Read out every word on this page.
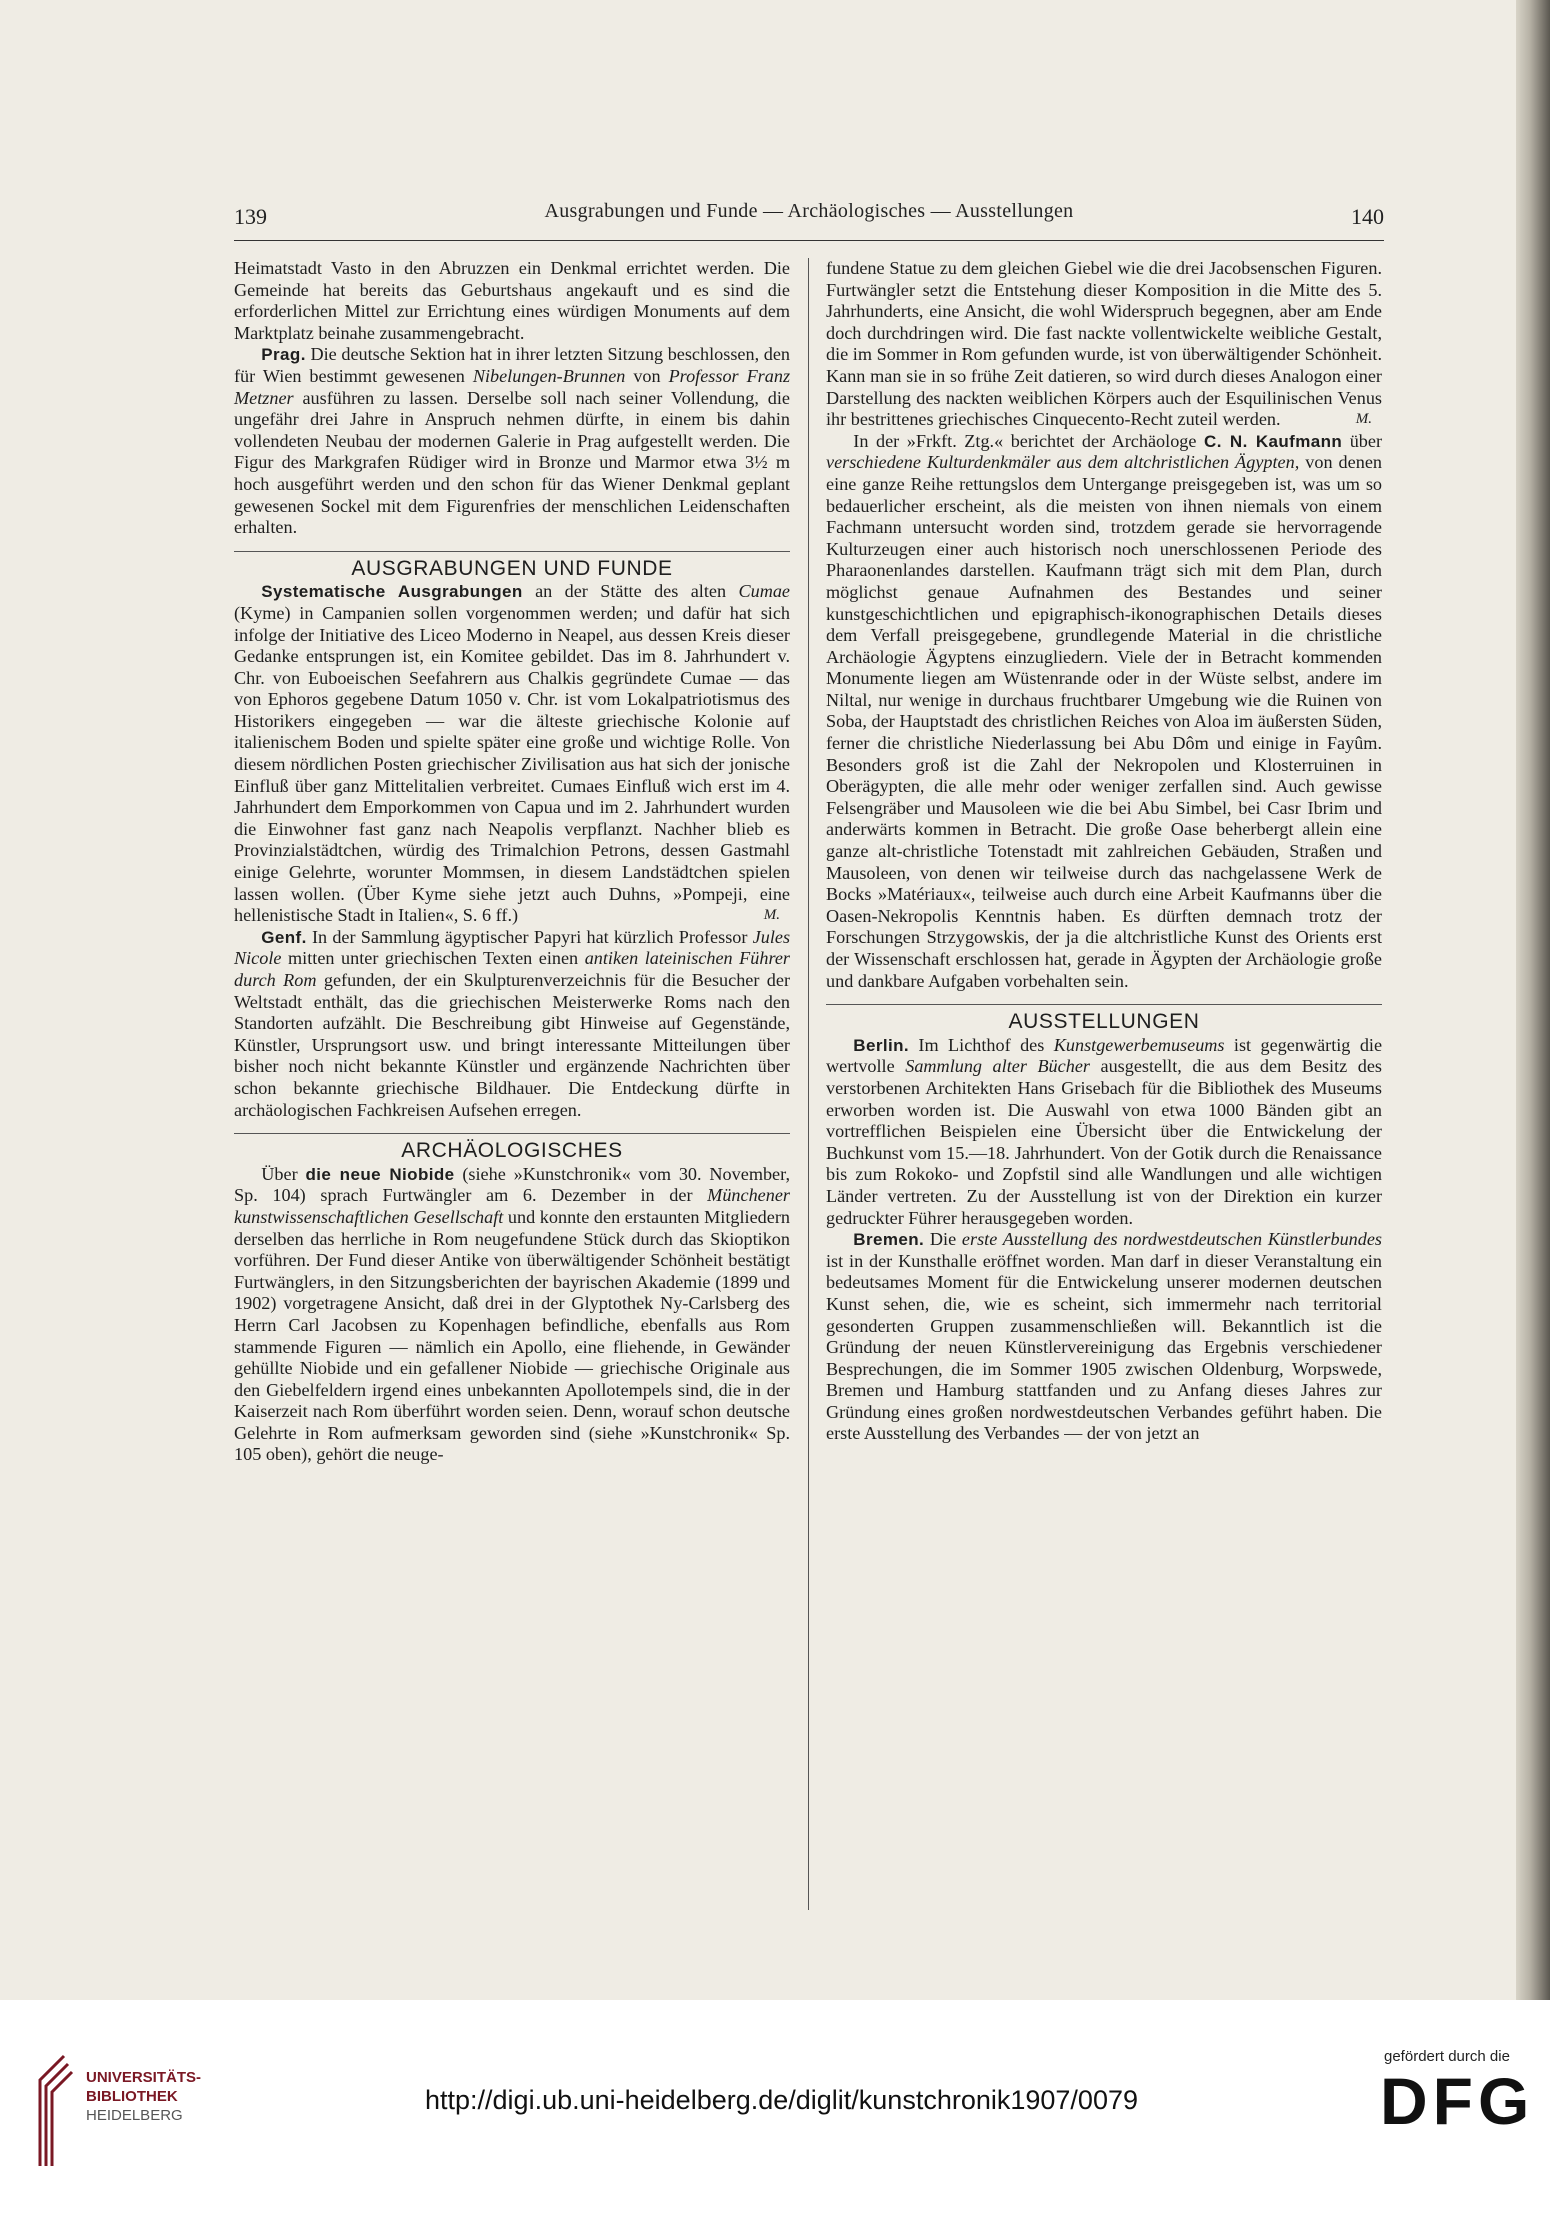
139	Ausgrabungen und Funde — Archäologisches — Ausstellungen	140

Heimatstadt Vasto in den Abruzzen ein Denkmal errichtet werden. Die Gemeinde hat bereits das Geburtshaus angekauft und es sind die erforderlichen Mittel zur Errichtung eines würdigen Monuments auf dem Marktplatz beinahe zusammengebracht.

Prag. Die deutsche Sektion hat in ihrer letzten Sitzung beschlossen, den für Wien bestimmt gewesenen Nibelungen-Brunnen von Professor Franz Metzner ausführen zu lassen. Derselbe soll nach seiner Vollendung, die ungefähr drei Jahre in Anspruch nehmen dürfte, in einem bis dahin vollendeten Neubau der modernen Galerie in Prag aufgestellt werden. Die Figur des Markgrafen Rüdiger wird in Bronze und Marmor etwa 3½ m hoch ausgeführt werden und den schon für das Wiener Denkmal geplant gewesenen Sockel mit dem Figurenfries der menschlichen Leidenschaften erhalten.

AUSGRABUNGEN UND FUNDE

Systematische Ausgrabungen an der Stätte des alten Cumae (Kyme) in Campanien sollen vorgenommen werden; und dafür hat sich infolge der Initiative des Liceo Moderno in Neapel, aus dessen Kreis dieser Gedanke entsprungen ist, ein Komitee gebildet. Das im 8. Jahrhundert v. Chr. von Euboeischen Seefahrern aus Chalkis gegründete Cumae — das von Ephoros gegebene Datum 1050 v. Chr. ist vom Lokalpatriotismus des Historikers eingegeben — war die älteste griechische Kolonie auf italienischem Boden und spielte später eine große und wichtige Rolle. Von diesem nördlichen Posten griechischer Zivilisation aus hat sich der jonische Einfluß über ganz Mittelitalien verbreitet. Cumaes Einfluß wich erst im 4. Jahrhundert dem Emporkommen von Capua und im 2. Jahrhundert wurden die Einwohner fast ganz nach Neapolis verpflanzt. Nachher blieb es Provinzialstädtchen, würdig des Trimalchion Petrons, dessen Gastmahl einige Gelehrte, worunter Mommsen, in diesem Landstädtchen spielen lassen wollen. (Über Kyme siehe jetzt auch Duhns, »Pompeji, eine hellenistische Stadt in Italien«, S. 6 ff.)	M.

Genf. In der Sammlung ägyptischer Papyri hat kürzlich Professor Jules Nicole mitten unter griechischen Texten einen antiken lateinischen Führer durch Rom gefunden, der ein Skulpturenverzeichnis für die Besucher der Weltstadt enthält, das die griechischen Meisterwerke Roms nach den Standorten aufzählt. Die Beschreibung gibt Hinweise auf Gegenstände, Künstler, Ursprungsort usw. und bringt interessante Mitteilungen über bisher noch nicht bekannte Künstler und ergänzende Nachrichten über schon bekannte griechische Bildhauer. Die Entdeckung dürfte in archäologischen Fachkreisen Aufsehen erregen.

ARCHÄOLOGISCHES

Über die neue Niobide (siehe »Kunstchronik« vom 30. November, Sp. 104) sprach Furtwängler am 6. Dezember in der Münchener kunstwissenschaftlichen Gesellschaft und konnte den erstaunten Mitgliedern derselben das herrliche in Rom neugefundene Stück durch das Skioptikon vorführen. Der Fund dieser Antike von überwältigender Schönheit bestätigt Furtwänglers, in den Sitzungsberichten der bayrischen Akademie (1899 und 1902) vorgetragene Ansicht, daß drei in der Glyptothek Ny-Carlsberg des Herrn Carl Jacobsen zu Kopenhagen befindliche, ebenfalls aus Rom stammende Figuren — nämlich ein Apollo, eine fliehende, in Gewänder gehüllte Niobide und ein gefallener Niobide — griechische Originale aus den Giebelfeldern irgend eines unbekannten Apollotempels sind, die in der Kaiserzeit nach Rom überführt worden seien. Denn, worauf schon deutsche Gelehrte in Rom aufmerksam geworden sind (siehe »Kunstchronik« Sp. 105 oben), gehört die neuge-

fundene Statue zu dem gleichen Giebel wie die drei Jacobsenschen Figuren. Furtwängler setzt die Entstehung dieser Komposition in die Mitte des 5. Jahrhunderts, eine Ansicht, die wohl Widerspruch begegnen, aber am Ende doch durchdringen wird. Die fast nackte vollentwickelte weibliche Gestalt, die im Sommer in Rom gefunden wurde, ist von überwältigender Schönheit. Kann man sie in so frühe Zeit datieren, so wird durch dieses Analogon einer Darstellung des nackten weiblichen Körpers auch der Esquilinischen Venus ihr bestrittenes griechisches Cinquecento-Recht zuteil werden.	M.

In der »Frkft. Ztg.« berichtet der Archäologe C. N. Kaufmann über verschiedene Kulturdenkmäler aus dem altchristlichen Ägypten, von denen eine ganze Reihe rettungslos dem Untergange preisgegeben ist, was um so bedauerlicher erscheint, als die meisten von ihnen niemals von einem Fachmann untersucht worden sind, trotzdem gerade sie hervorragende Kulturzeugen einer auch historisch noch unerschlossenen Periode des Pharaonenlandes darstellen. Kaufmann trägt sich mit dem Plan, durch möglichst genaue Aufnahmen des Bestandes und seiner kunstgeschichtlichen und epigraphisch-ikonographischen Details dieses dem Verfall preisgegebene, grundlegende Material in die christliche Archäologie Ägyptens einzugliedern. Viele der in Betracht kommenden Monumente liegen am Wüstenrande oder in der Wüste selbst, andere im Niltal, nur wenige in durchaus fruchtbarer Umgebung wie die Ruinen von Soba, der Hauptstadt des christlichen Reiches von Aloa im äußersten Süden, ferner die christliche Niederlassung bei Abu Dôm und einige in Fayûm. Besonders groß ist die Zahl der Nekropolen und Klosterruinen in Oberägypten, die alle mehr oder weniger zerfallen sind. Auch gewisse Felsengräber und Mausoleen wie die bei Abu Simbel, bei Casr Ibrim und anderwärts kommen in Betracht. Die große Oase beherbergt allein eine ganze alt-christliche Totenstadt mit zahlreichen Gebäuden, Straßen und Mausoleen, von denen wir teilweise durch das nachgelassene Werk de Bocks »Matériaux«, teilweise auch durch eine Arbeit Kaufmanns über die Oasen-Nekropolis Kenntnis haben. Es dürften demnach trotz der Forschungen Strzygowskis, der ja die altchristliche Kunst des Orients erst der Wissenschaft erschlossen hat, gerade in Ägypten der Archäologie große und dankbare Aufgaben vorbehalten sein.

AUSSTELLUNGEN

Berlin. Im Lichthof des Kunstgewerbemuseums ist gegenwärtig die wertvolle Sammlung alter Bücher ausgestellt, die aus dem Besitz des verstorbenen Architekten Hans Grisebach für die Bibliothek des Museums erworben worden ist. Die Auswahl von etwa 1000 Bänden gibt an vortrefflichen Beispielen eine Übersicht über die Entwickelung der Buchkunst vom 15.—18. Jahrhundert. Von der Gotik durch die Renaissance bis zum Rokoko- und Zopfstil sind alle Wandlungen und alle wichtigen Länder vertreten. Zu der Ausstellung ist von der Direktion ein kurzer gedruckter Führer herausgegeben worden.

Bremen. Die erste Ausstellung des nordwestdeutschen Künstlerbundes ist in der Kunsthalle eröffnet worden. Man darf in dieser Veranstaltung ein bedeutsames Moment für die Entwickelung unserer modernen deutschen Kunst sehen, die, wie es scheint, sich immermehr nach territorial gesonderten Gruppen zusammenschließen will. Bekanntlich ist die Gründung der neuen Künstlervereinigung das Ergebnis verschiedener Besprechungen, die im Sommer 1905 zwischen Oldenburg, Worpswede, Bremen und Hamburg stattfanden und zu Anfang dieses Jahres zur Gründung eines großen nordwestdeutschen Verbandes geführt haben. Die erste Ausstellung des Verbandes — der von jetzt an

UNIVERSITÄTS-
BIBLIOTHEK
HEIDELBERG
http://digi.ub.uni-heidelberg.de/diglit/kunstchronik1907/0079
gefördert durch die
DFG
